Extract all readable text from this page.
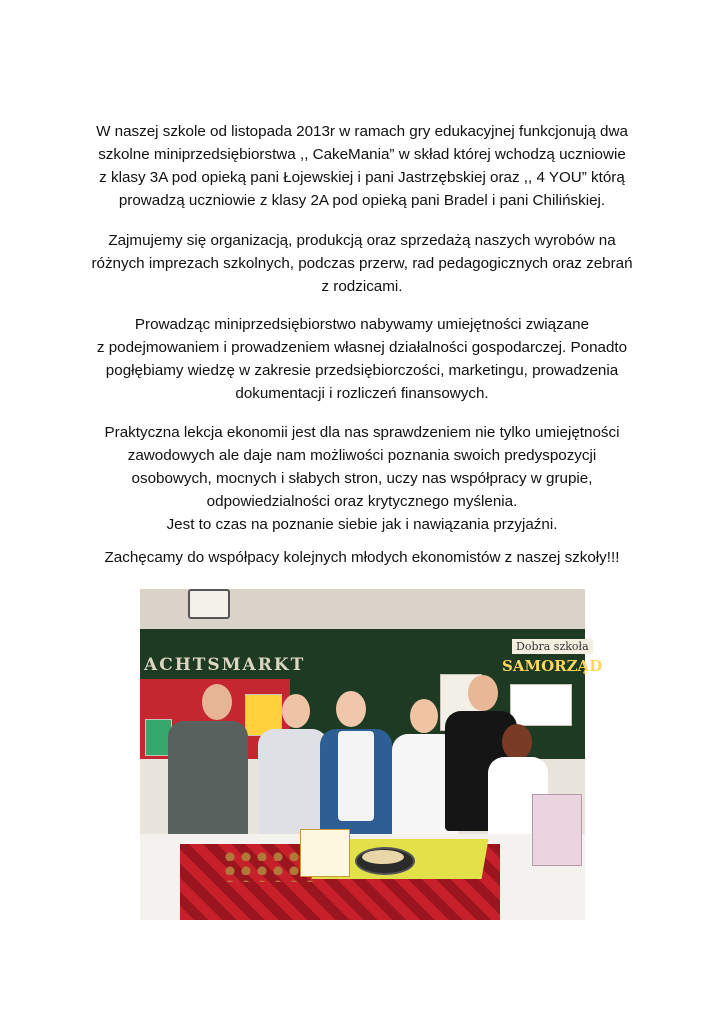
W naszej szkole od listopada 2013r w ramach gry edukacyjnej funkcjonują dwa
szkolne miniprzedsiębiorstwa ,, CakeMania” w skład której wchodzą uczniowie
z klasy 3A pod opieką pani Łojewskiej i pani Jastrzębskiej oraz ,, 4 YOU” którą
prowadzą uczniowie z klasy 2A pod opieką pani Bradel i pani Chilińskiej.
Zajmujemy się organizacją, produkcją oraz sprzedażą naszych wyrobów na
różnych imprezach szkolnych, podczas przerw, rad pedagogicznych oraz zebrań
z rodzicami.
Prowadząc miniprzedsiębiorstwo nabywamy umiejętności związane
z podejmowaniem i prowadzeniem własnej działalności gospodarczej. Ponadto
pogłębiamy wiedzę w zakresie przedsiębiorczości, marketingu, prowadzenia
dokumentacji i rozliczeń finansowych.
Praktyczna lekcja ekonomii jest dla nas sprawdzeniem nie tylko umiejętności
zawodowych ale daje nam możliwości poznania swoich predyspozycji
osobowych, mocnych i słabych stron, uczy nas współpracy w grupie,
odpowiedzialności oraz krytycznego myślenia.
Jest to czas na poznanie siebie jak i nawiązania przyjaźni.
Zachęcamy do współpacy kolejnych młodych ekonomistów z naszej szkoły!!!
ACHTSMARKT
Dobra szkoła
SAMORZĄD
